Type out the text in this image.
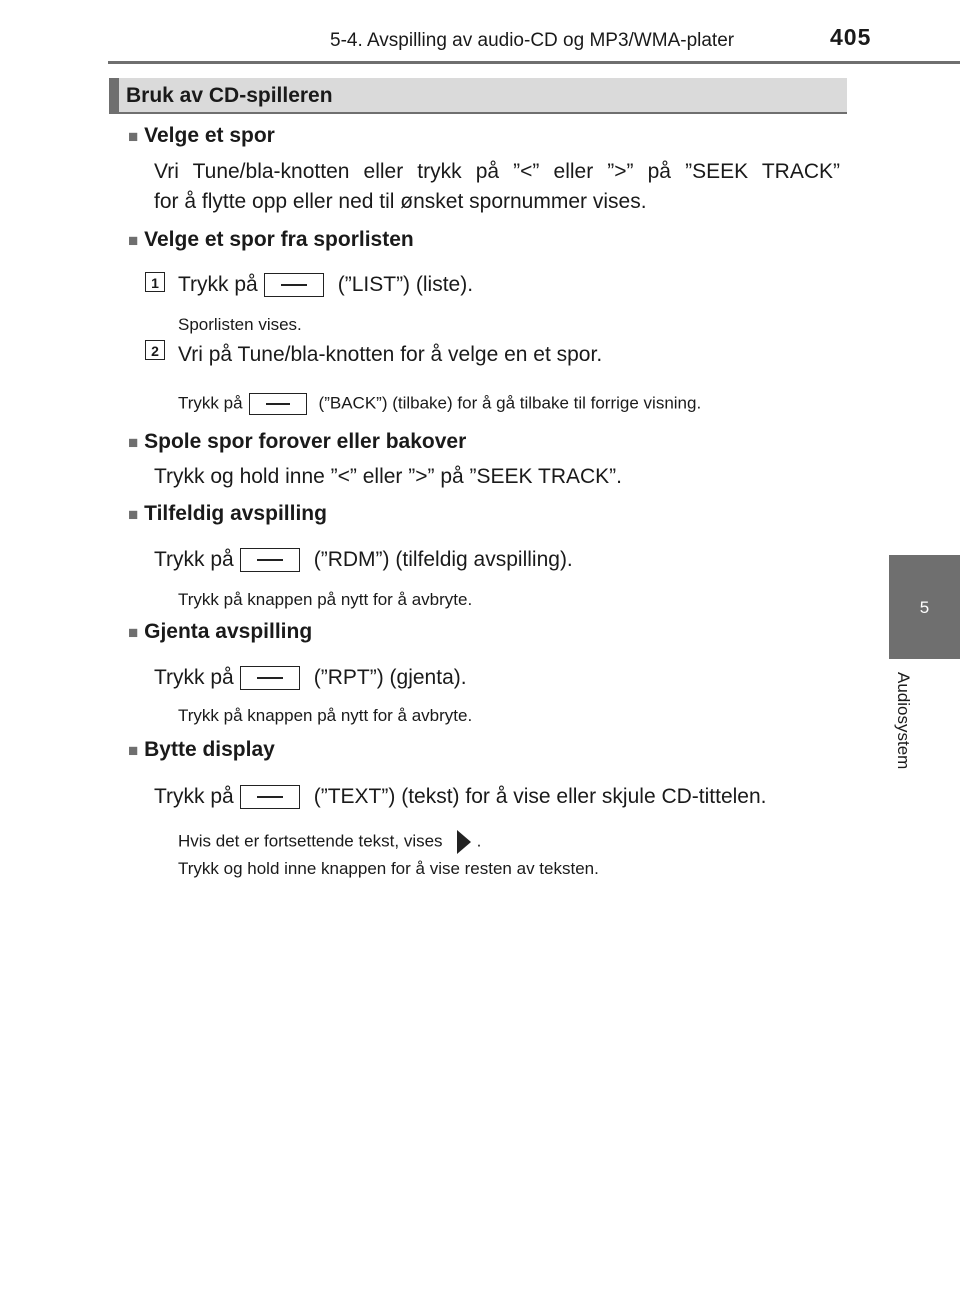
5-4. Avspilling av audio-CD og MP3/WMA-plater	405
5
Audiosystem
Bruk av CD-spilleren
■ Velge et spor
Vri Tune/bla-knotten eller trykk på ”<” eller ”>” på ”SEEK TRACK”
for å flytte opp eller ned til ønsket spornummer vises.
■ Velge et spor fra sporlisten
1 Trykk på	(”LIST”) (liste).
Sporlisten vises.
2 Vri på Tune/bla-knotten for å velge en et spor.
Trykk på	(”BACK”) (tilbake) for å gå tilbake til forrige visning.
■ Spole spor forover eller bakover
Trykk og hold inne ”<” eller ”>” på ”SEEK TRACK”.
■ Tilfeldig avspilling
Trykk på	(”RDM”) (tilfeldig avspilling).
Trykk på knappen på nytt for å avbryte.
■ Gjenta avspilling
Trykk på	(”RPT”) (gjenta).
Trykk på knappen på nytt for å avbryte.
■ Bytte display
Trykk på	(”TEXT”) (tekst) for å vise eller skjule CD-tittelen.
Hvis det er fortsettende tekst, vises .
Trykk og hold inne knappen for å vise resten av teksten.
